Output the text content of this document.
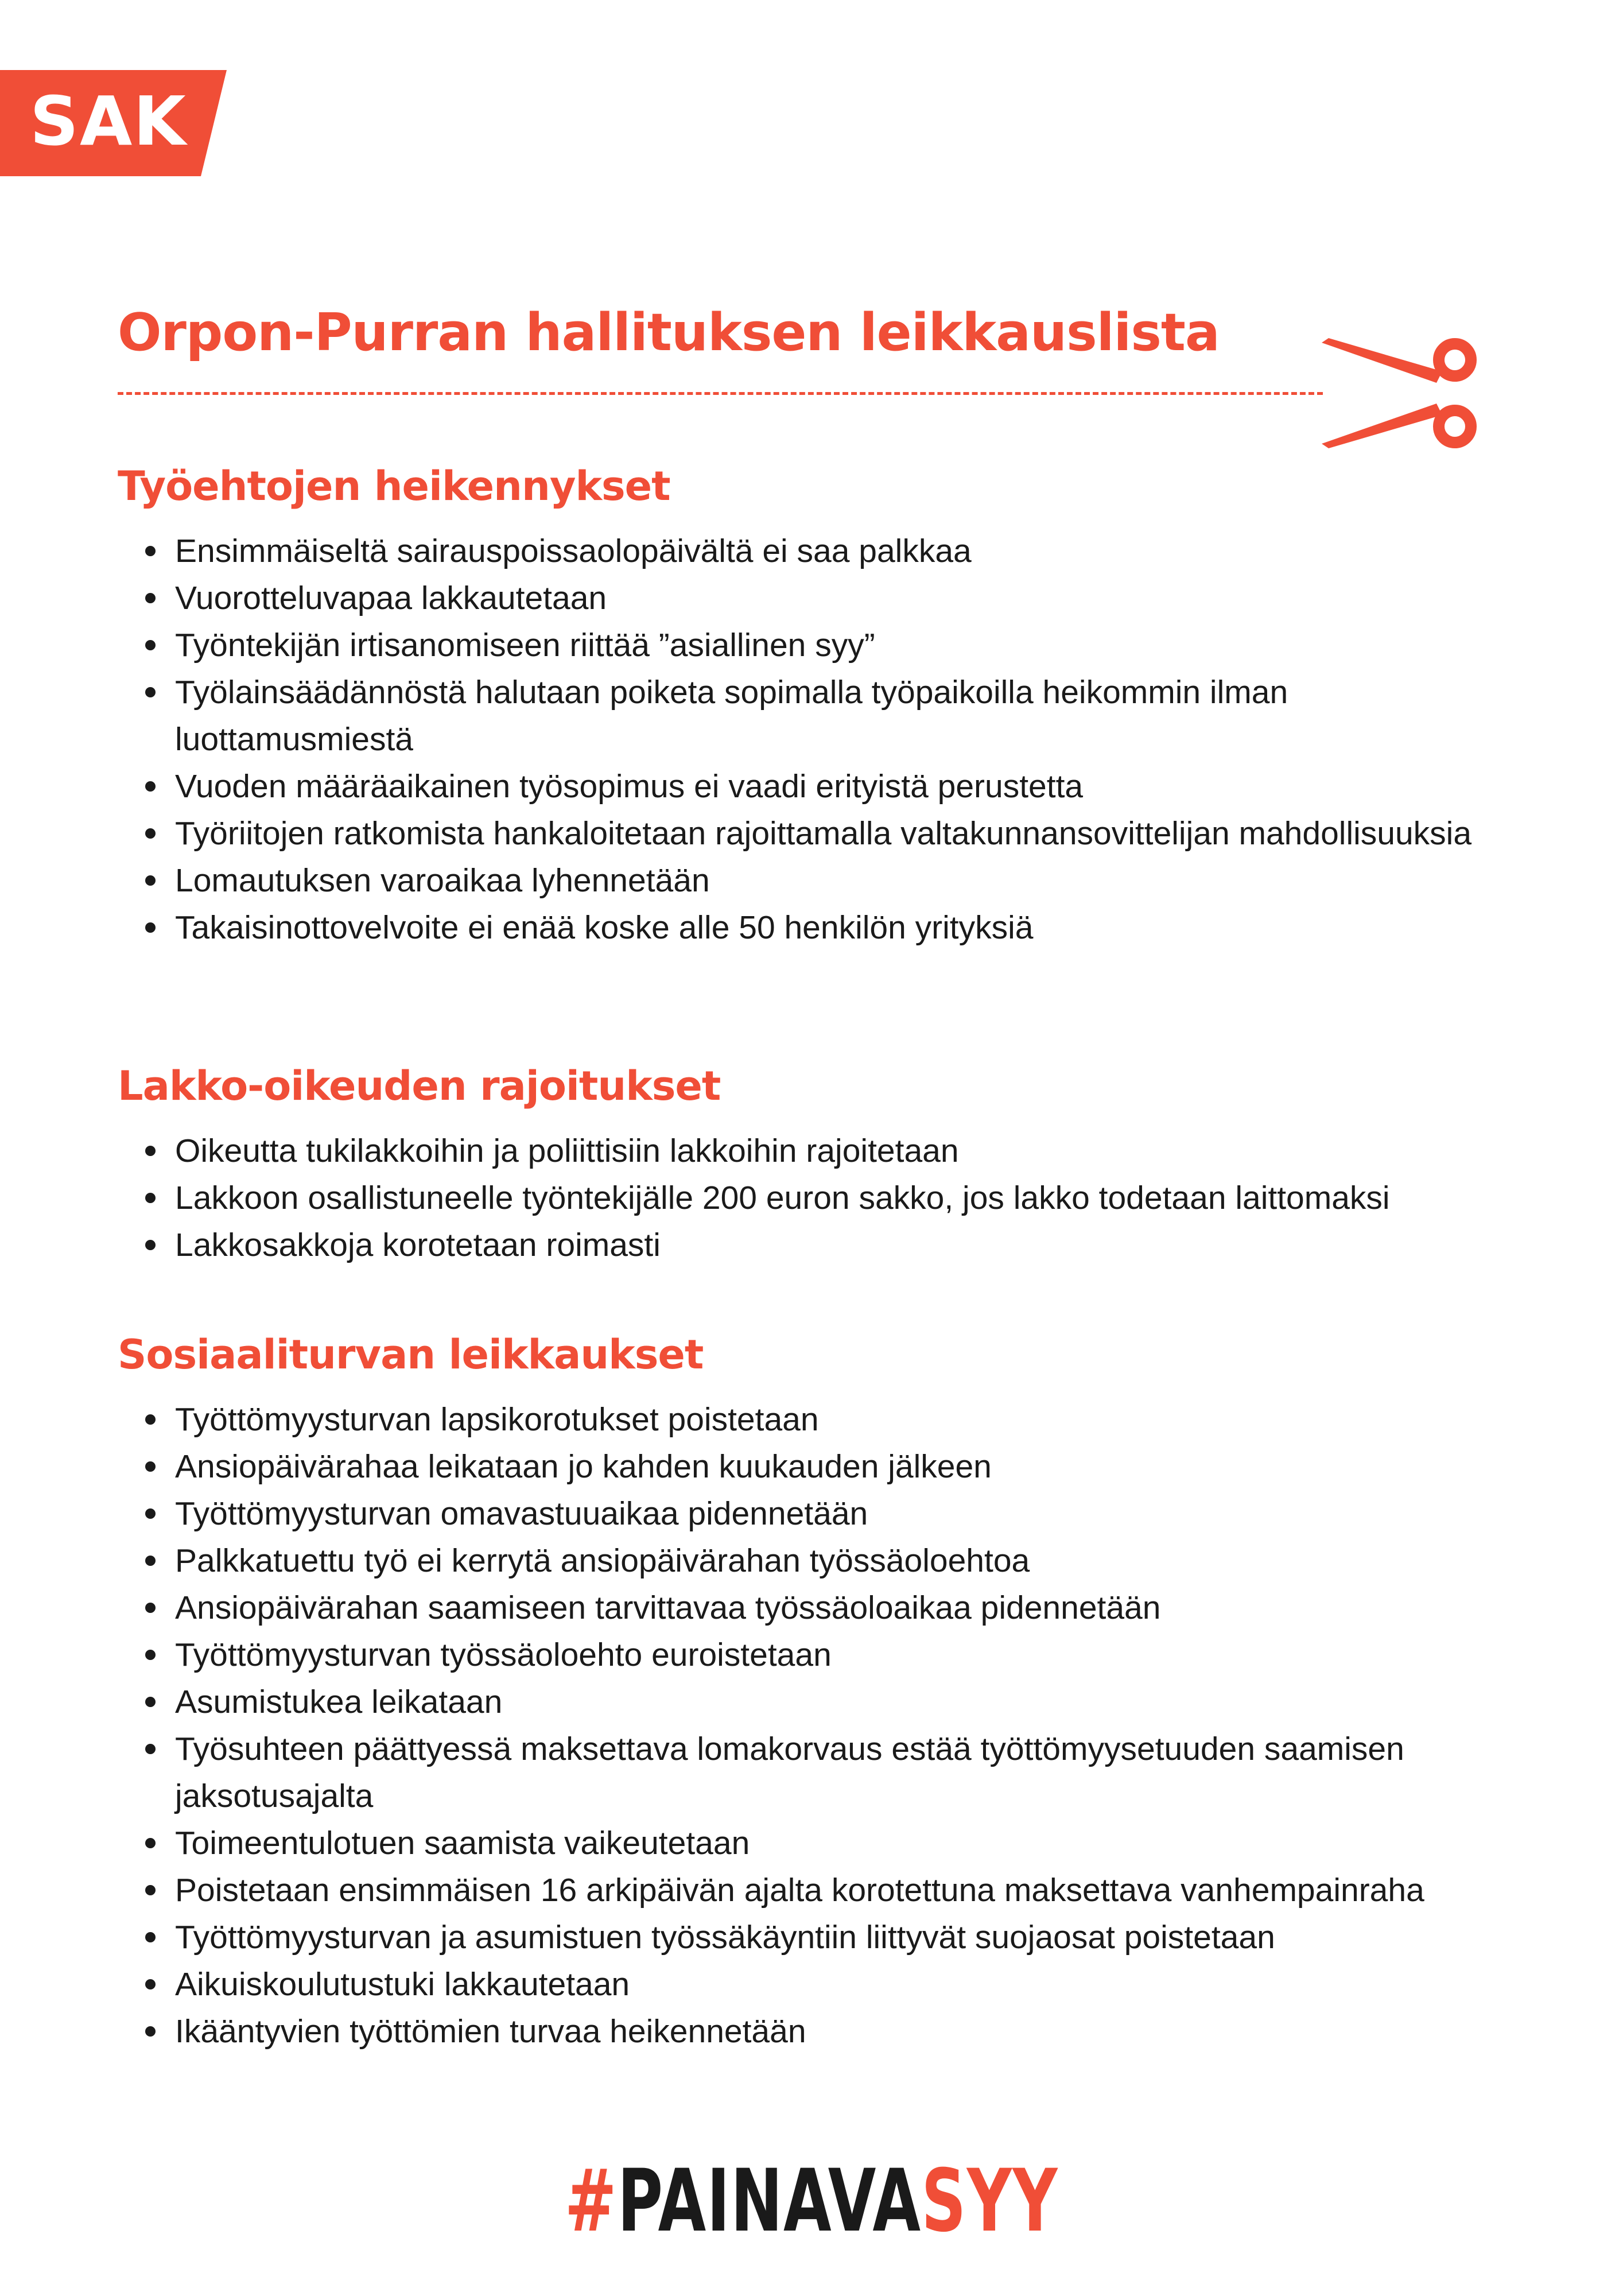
SAK
Orpon-Purran hallituksen leikkauslista
Työehtojen heikennykset
Ensimmäiseltä sairauspoissaolopäivältä ei saa palkkaa
Vuorotteluvapaa lakkautetaan
Työntekijän irtisanomiseen riittää ”asiallinen syy”
Työlainsäädännöstä halutaan poiketa sopimalla työpaikoilla heikommin ilman luottamusmiestä
Vuoden määräaikainen työsopimus ei vaadi erityistä perustetta
Työriitojen ratkomista hankaloitetaan rajoittamalla valtakunnansovittelijan mahdollisuuksia
Lomautuksen varoaikaa lyhennetään
Takaisinottovelvoite ei enää koske alle 50 henkilön yrityksiä
Lakko-oikeuden rajoitukset
Oikeutta tukilakkoihin ja poliittisiin lakkoihin rajoitetaan
Lakkoon osallistuneelle työntekijälle 200 euron sakko, jos lakko todetaan laittomaksi
Lakkosakkoja korotetaan roimasti
Sosiaaliturvan leikkaukset
Työttömyysturvan lapsikorotukset poistetaan
Ansiopäivärahaa leikataan jo kahden kuukauden jälkeen
Työttömyysturvan omavastuuaikaa pidennetään
Palkkatuettu työ ei kerrytä ansiopäivärahan työssäoloehtoa
Ansiopäivärahan saamiseen tarvittavaa työssäoloaikaa pidennetään
Työttömyysturvan työssäoloehto euroistetaan
Asumistukea leikataan
Työsuhteen päättyessä maksettava lomakorvaus estää työttömyysetuuden saamisen jaksotusajalta
Toimeentulotuen saamista vaikeutetaan
Poistetaan ensimmäisen 16 arkipäivän ajalta korotettuna maksettava vanhempainraha
Työttömyysturvan ja asumistuen työssäkäyntiin liittyvät suojaosat poistetaan
Aikuiskoulutustuki lakkautetaan
Ikääntyvien työttömien turvaa heikennetään
#PAINAVASYY
